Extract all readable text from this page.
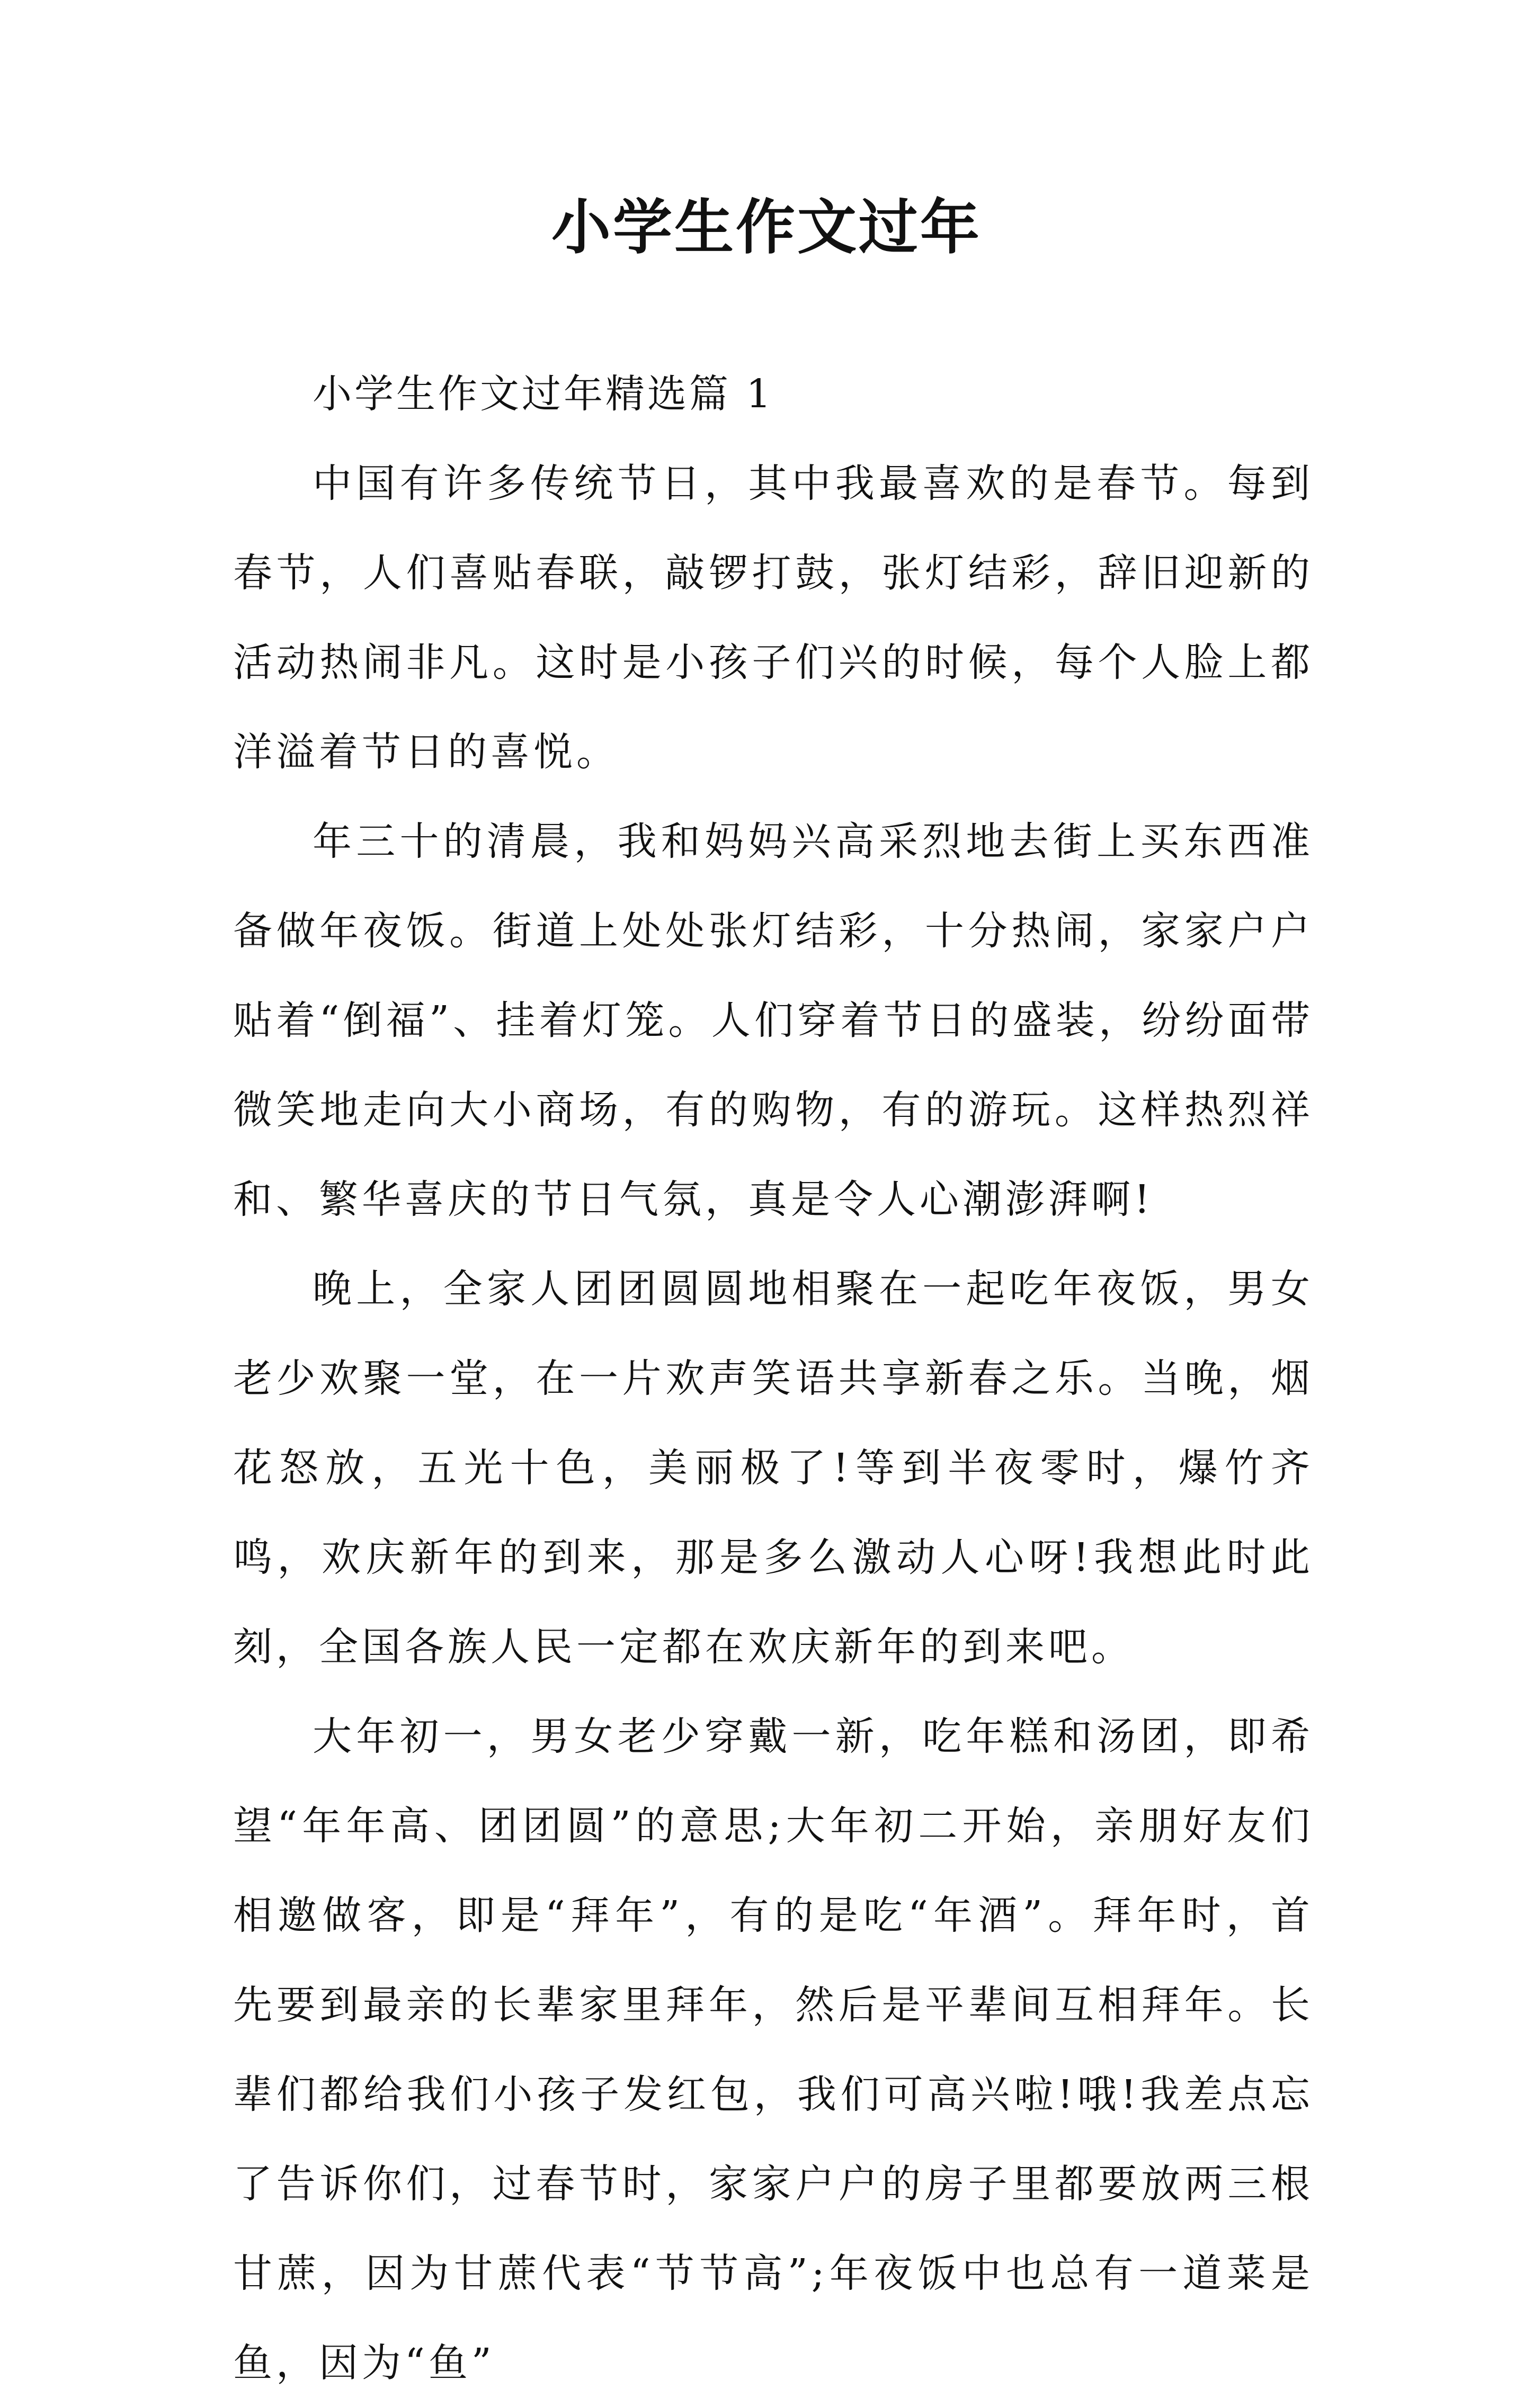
小学生作文过年

小学生作文过年精选篇 1

中国有许多传统节日，其中我最喜欢的是春节。每到春节，人们喜贴春联，敲锣打鼓，张灯结彩，辞旧迎新的活动热闹非凡。这时是小孩子们兴的时候，每个人脸上都洋溢着节日的喜悦。

年三十的清晨，我和妈妈兴高采烈地去街上买东西准备做年夜饭。街道上处处张灯结彩，十分热闹，家家户户贴着“倒福”、挂着灯笼。人们穿着节日的盛装，纷纷面带微笑地走向大小商场，有的购物，有的游玩。这样热烈祥和、繁华喜庆的节日气氛，真是令人心潮澎湃啊!

晚上，全家人团团圆圆地相聚在一起吃年夜饭，男女老少欢聚一堂，在一片欢声笑语共享新春之乐。当晚，烟花怒放，五光十色，美丽极了!等到半夜零时，爆竹齐鸣，欢庆新年的到来，那是多么激动人心呀!我想此时此刻，全国各族人民一定都在欢庆新年的到来吧。

大年初一，男女老少穿戴一新，吃年糕和汤团，即希望“年年高、团团圆”的意思;大年初二开始，亲朋好友们相邀做客，即是“拜年”，有的是吃“年酒”。拜年时，首先要到最亲的长辈家里拜年，然后是平辈间互相拜年。长辈们都给我们小孩子发红包，我们可高兴啦!哦!我差点忘了告诉你们，过春节时，家家户户的房子里都要放两三根甘蔗，因为甘蔗代表“节节高”;年夜饭中也总有一道菜是鱼，因为“鱼”
